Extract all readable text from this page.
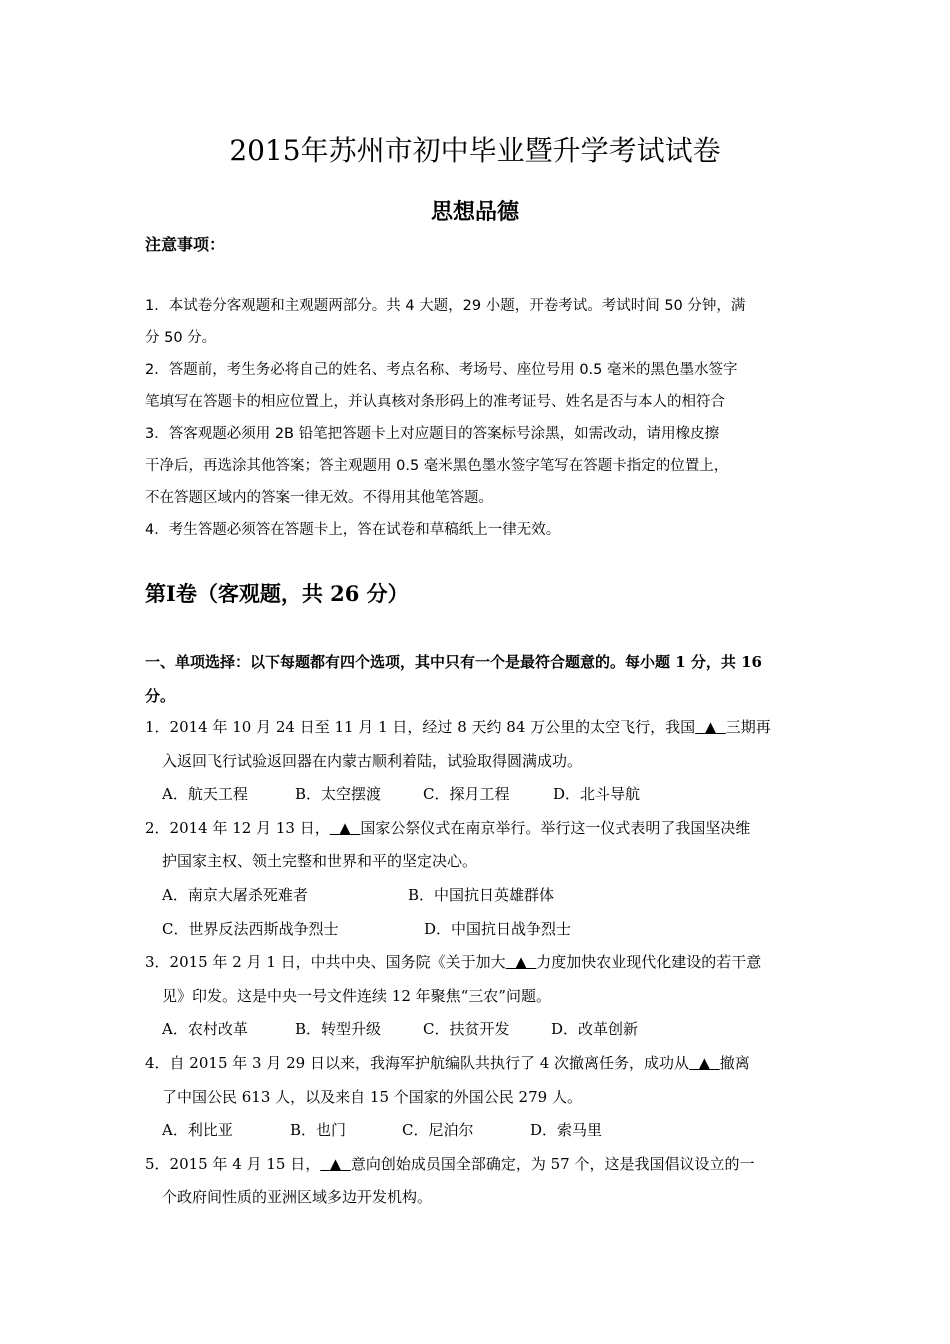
2015年苏州市初中毕业暨升学考试试卷
思想品德
注意事项：
1．本试卷分客观题和主观题两部分。共 4 大题，29 小题，开卷考试。考试时间 50 分钟，满
分 50 分。
2．答题前，考生务必将自己的姓名、考点名称、考场号、座位号用 0.5 毫米的黑色墨水签字
笔填写在答题卡的相应位置上，并认真核对条形码上的准考证号、姓名是否与本人的相符合
3．答客观题必须用 2B 铅笔把答题卡上对应题目的答案标号涂黑，如需改动，请用橡皮擦
干净后，再选涂其他答案；答主观题用 0.5 毫米黑色墨水签字笔写在答题卡指定的位置上，
不在答题区域内的答案一律无效。不得用其他笔答题。
4．考生答题必须答在答题卡上，答在试卷和草稿纸上一律无效。
第Ⅰ卷（客观题，共 26 分）
一、单项选择：以下每题都有四个选项，其中只有一个是最符合题意的。每小题 1 分，共 16
分。
1．2014 年 10 月 24 日至 11 月 1 日，经过 8 天约 84 万公里的太空飞行，我国 ▲ 三期再
入返回飞行试验返回器在内蒙古顺利着陆，试验取得圆满成功。
A．航天工程	B．太空摆渡	C．探月工程	D．北斗导航
2．2014 年 12 月 13 日， ▲ 国家公祭仪式在南京举行。举行这一仪式表明了我国坚决维
护国家主权、领土完整和世界和平的坚定决心。
A．南京大屠杀死难者	B．中国抗日英雄群体
C．世界反法西斯战争烈士	D．中国抗日战争烈士
3．2015 年 2 月 1 日，中共中央、国务院《关于加大 ▲ 力度加快农业现代化建设的若干意
见》印发。这是中央一号文件连续 12 年聚焦“三农”问题。
A．农村改革	B．转型升级	C．扶贫开发	D．改革创新
4．自 2015 年 3 月 29 日以来，我海军护航编队共执行了 4 次撤离任务，成功从 ▲ 撤离
了中国公民 613 人，以及来自 15 个国家的外国公民 279 人。
A．利比亚	B．也门	C．尼泊尔	D．索马里
5．2015 年 4 月 15 日， ▲ 意向创始成员国全部确定，为 57 个，这是我国倡议设立的一
个政府间性质的亚洲区域多边开发机构。
